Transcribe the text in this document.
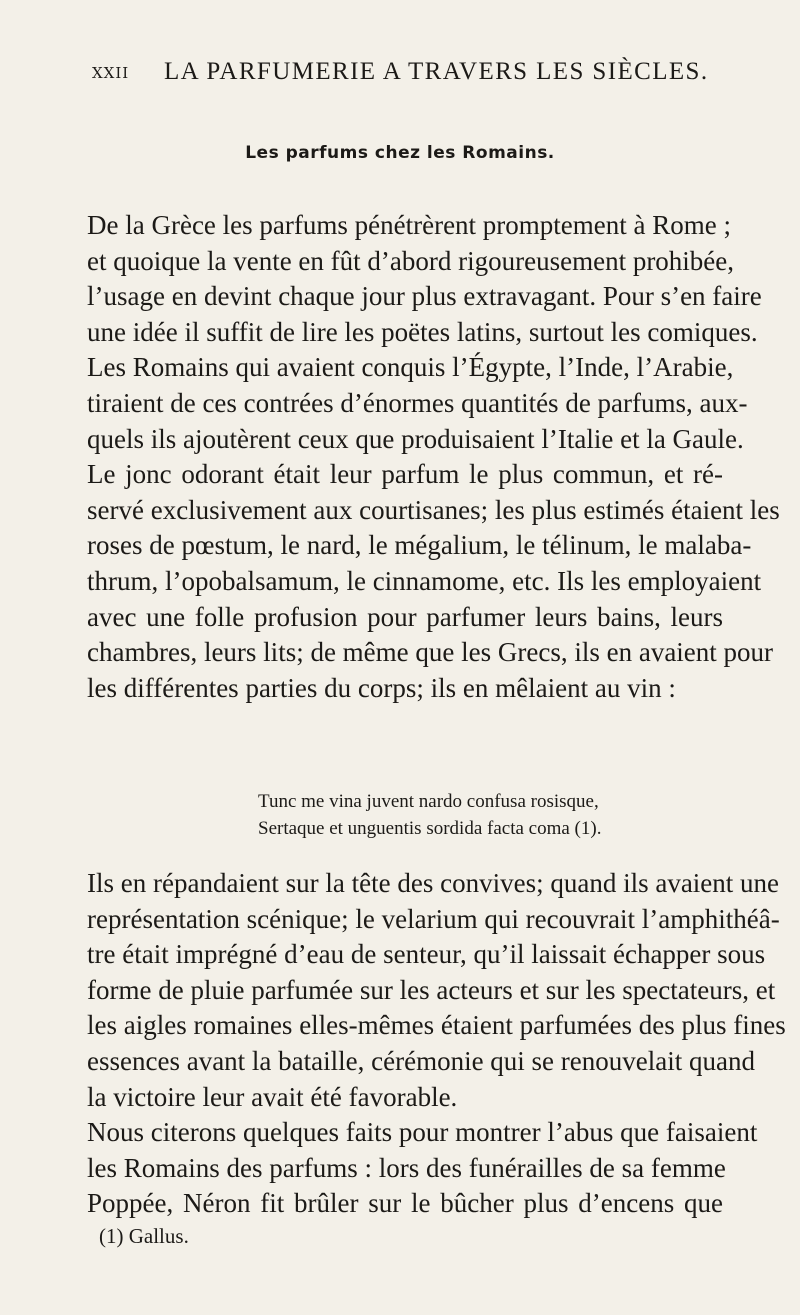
XXII LA PARFUMERIE A TRAVERS LES SIÈCLES.
Les parfums chez les Romains.

De la Grèce les parfums pénétrèrent promptement à Rome ;
et quoique la vente en fût d’abord rigoureusement prohibée,
l’usage en devint chaque jour plus extravagant. Pour s’en faire
une idée il suffit de lire les poëtes latins, surtout les comiques.
Les Romains qui avaient conquis l’Égypte, l’Inde, l’Arabie,
tiraient de ces contrées d’énormes quantités de parfums, aux-
quels ils ajoutèrent ceux que produisaient l’Italie et la Gaule.
Le jonc odorant était leur parfum le plus commun, et ré-
servé exclusivement aux courtisanes; les plus estimés étaient les
roses de pœstum, le nard, le mégalium, le télinum, le malaba-
thrum, l’opobalsamum, le cinnamome, etc. Ils les employaient
avec une folle profusion pour parfumer leurs bains, leurs
chambres, leurs lits; de même que les Grecs, ils en avaient pour
les différentes parties du corps; ils en mêlaient au vin :

Tunc me vina juvent nardo confusa rosisque,
Sertaque et unguentis sordida facta coma (1).

Ils en répandaient sur la tête des convives; quand ils avaient une
représentation scénique; le velarium qui recouvrait l’amphithéâ-
tre était imprégné d’eau de senteur, qu’il laissait échapper sous
forme de pluie parfumée sur les acteurs et sur les spectateurs, et
les aigles romaines elles-mêmes étaient parfumées des plus fines
essences avant la bataille, cérémonie qui se renouvelait quand
la victoire leur avait été favorable.

Nous citerons quelques faits pour montrer l’abus que faisaient
les Romains des parfums : lors des funérailles de sa femme
Poppée, Néron fit brûler sur le bûcher plus d’encens que

(1) Gallus.
